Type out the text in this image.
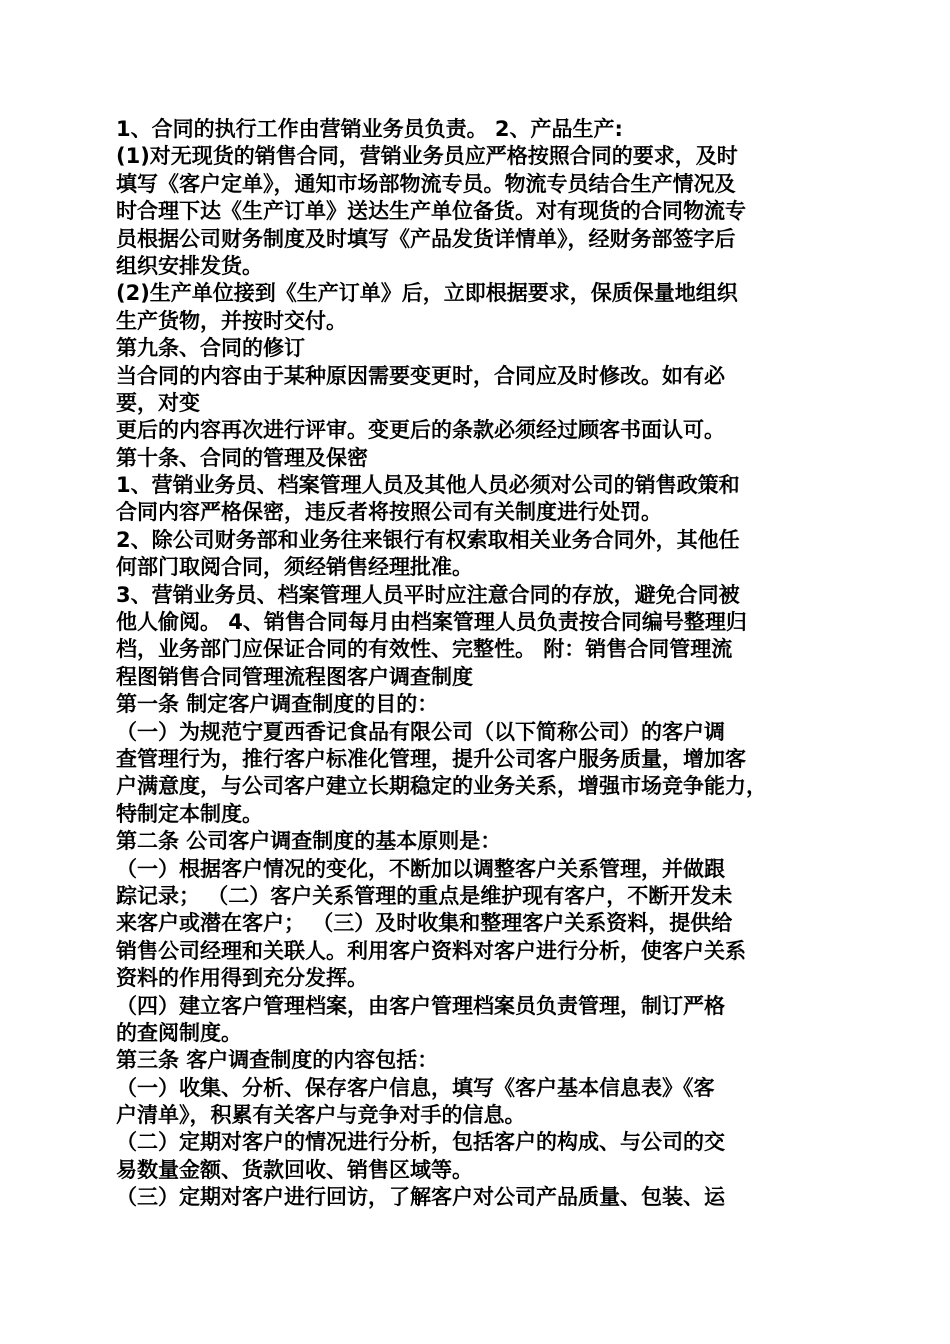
1、合同的执行工作由营销业务员负责。 2、产品生产:
(1)对无现货的销售合同，营销业务员应严格按照合同的要求，及时
填写《客户定单》，通知市场部物流专员。物流专员结合生产情况及
时合理下达《生产订单》送达生产单位备货。对有现货的合同物流专
员根据公司财务制度及时填写《产品发货详情单》，经财务部签字后
组织安排发货。
(2)生产单位接到《生产订单》后，立即根据要求，保质保量地组织
生产货物，并按时交付。
第九条、合同的修订
当合同的内容由于某种原因需要变更时，合同应及时修改。如有必
要，对变
更后的内容再次进行评审。变更后的条款必须经过顾客书面认可。
第十条、合同的管理及保密
1、营销业务员、档案管理人员及其他人员必须对公司的销售政策和
合同内容严格保密，违反者将按照公司有关制度进行处罚。
2、除公司财务部和业务往来银行有权索取相关业务合同外，其他任
何部门取阅合同，须经销售经理批准。
3、营销业务员、档案管理人员平时应注意合同的存放，避免合同被
他人偷阅。 4、销售合同每月由档案管理人员负责按合同编号整理归
档，业务部门应保证合同的有效性、完整性。 附：销售合同管理流
程图销售合同管理流程图客户调查制度
第一条 制定客户调查制度的目的：
（一）为规范宁夏西香记食品有限公司（以下简称公司）的客户调
查管理行为，推行客户标准化管理，提升公司客户服务质量，增加客
户满意度，与公司客户建立长期稳定的业务关系，增强市场竞争能力，
特制定本制度。
第二条 公司客户调查制度的基本原则是：
（一）根据客户情况的变化，不断加以调整客户关系管理，并做跟
踪记录； （二）客户关系管理的重点是维护现有客户，不断开发未
来客户或潜在客户； （三）及时收集和整理客户关系资料，提供给
销售公司经理和关联人。利用客户资料对客户进行分析，使客户关系
资料的作用得到充分发挥。
（四）建立客户管理档案，由客户管理档案员负责管理，制订严格
的查阅制度。
第三条 客户调查制度的内容包括：
（一）收集、分析、保存客户信息，填写《客户基本信息表》《客
户清单》，积累有关客户与竞争对手的信息。
（二）定期对客户的情况进行分析，包括客户的构成、与公司的交
易数量金额、货款回收、销售区域等。
（三）定期对客户进行回访，了解客户对公司产品质量、包装、运
